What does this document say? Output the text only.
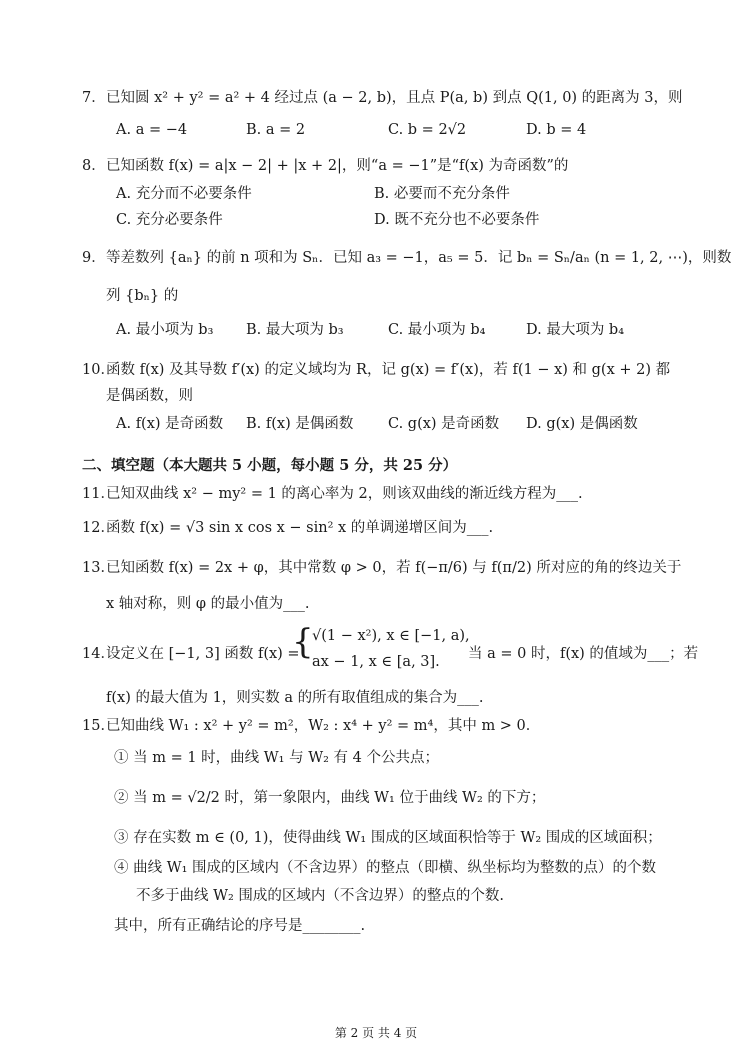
7． 已知圆 x² + y² = a² + 4 经过点 (a − 2, b)，且点 P(a, b) 到点 Q(1, 0) 的距离为 3，则
A. a = −4	B. a = 2	C. b = 2√2	D. b = 4
8． 已知函数 f(x) = a|x − 2| + |x + 2|，则“a = −1”是“f(x) 为奇函数”的
A. 充分而不必要条件	B. 必要而不充分条件
C. 充分必要条件	D. 既不充分也不必要条件
9． 等差数列 {aₙ} 的前 n 项和为 Sₙ．已知 a₃ = −1，a₅ = 5．记 bₙ = Sₙ/aₙ (n = 1, 2, ⋯)，则数
列 {bₙ} 的
A. 最小项为 b₃ B. 最大项为 b₃	C. 最小项为 b₄	D. 最大项为 b₄
10．
函数 f(x) 及其导数 f′(x) 的定义域均为 R，记 g(x) = f′(x)，若 f(1 − x) 和 g(x + 2) 都
是偶函数，则
A. f(x) 是奇函数 B. f(x) 是偶函数 C. g(x) 是奇函数 D. g(x) 是偶函数
二、填空题（本大题共 5 小题，每小题 5 分，共 25 分）
11．
已知双曲线 x² − my² = 1 的离心率为 2，则该双曲线的渐近线方程为___.
12．
函数 f(x) = √3 sin x cos x − sin² x 的单调递增区间为___.
13．
已知函数 f(x) = 2x + φ，其中常数 φ > 0，若 f(−π/6) 与 f(π/2) 所对应的角的终边关于
x 轴对称，则 φ 的最小值为___.
14．
设定义在 [−1, 3] 函数 f(x) =
{
√(1 − x²), x ∈ [−1, a),
ax − 1, x ∈ [a, 3]. 当 a = 0 时，f(x) 的值域为___；若
f(x) 的最大值为 1，则实数 a 的所有取值组成的集合为___.
15．
已知曲线 W₁ : x² + y² = m²，W₂ : x⁴ + y² = m⁴，其中 m > 0．
① 当 m = 1 时，曲线 W₁ 与 W₂ 有 4 个公共点；
② 当 m = √2/2 时，第一象限内，曲线 W₁ 位于曲线 W₂ 的下方；
③ 存在实数 m ∈ (0, 1)，使得曲线 W₁ 围成的区域面积恰等于 W₂ 围成的区域面积；
④ 曲线 W₁ 围成的区域内（不含边界）的整点（即横、纵坐标均为整数的点）的个数
不多于曲线 W₂ 围成的区域内（不含边界）的整点的个数.
其中，所有正确结论的序号是________.
第 2 页 共 4 页
